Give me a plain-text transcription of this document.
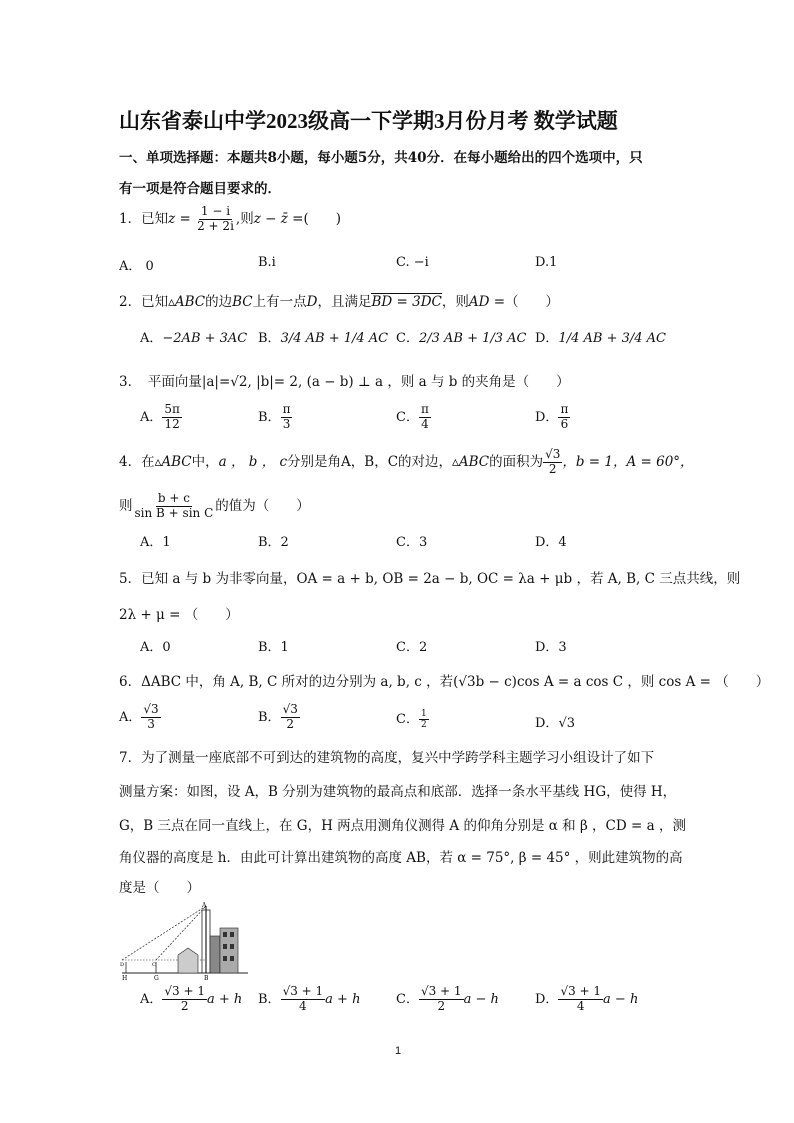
山东省泰山中学2023级高一下学期3月份月考 数学试题
一、单项选择题：本题共8小题，每小题5分，共40分．在每小题给出的四个选项中，只
有一项是符合题目要求的．
1．已知$z = \frac{1 - i}{2 + 2i}$ ,则z − z̄ =(　　)
A． 0	B.i	C. −i	D.1
2．已知▵ABC的边BC上有一点D，且满足BD = 3DC，则AD =（　　）
A．−2AB + 3AC B．3/4 AB + 1/4 AC C．2/3 AB + 1/3 AC D．1/4 AB + 3/4 AC
3．　平面向量|a|=√2, |b|= 2, (a − b) ⊥ a ，则 a 与 b 的夹角是（　　）
A． $\frac{5\pi}{12}$	B． $\frac{\pi}{3}$	C． $\frac{\pi}{4}$	D． $\frac{\pi}{6}$
4．在▵ABC中，a ， b ， c分别是角A，B，C的对边，▵ABC的面积为 $\frac{√3}{2}$ ，b = 1，A = 60°，
则 $\frac{b + c}{\text{sin B + sin C}}$ 的值为（　　）
A．1	B．2	C．3	D．4
5．已知 a 与 b 为非零向量，OA = a + b, OB = 2a − b, OC = λa + μb ，若 A, B, C 三点共线，则
2λ + μ = （　　）
A．0	B．1	C．2	D．3
6．ΔABC 中，角 A, B, C 所对的边分别为 a, b, c ，若(√3b − c)cos A = a cos C ，则 cos A = （　　）
A． $\frac{√3}{3}$	B． $\frac{√3}{2}$	C． $\frac{1}{2}$	D．√3
7．为了测量一座底部不可到达的建筑物的高度，复兴中学跨学科主题学习小组设计了如下
测量方案：如图，设 A，B 分别为建筑物的最高点和底部．选择一条水平基线 HG，使得 H，
G，B 三点在同一直线上，在 G，H 两点用测角仪测得 A 的仰角分别是 α 和 β ，CD = a ，测
角仪器的高度是 h．由此可计算出建筑物的高度 AB，若 α = 75°, β = 45° ，则此建筑物的高
度是（　　）
A
H	G	B
D	C
A． $\frac{√3 + 1}{2}$ a + h B． $\frac{√3 + 1}{4}$ a + h	C． $\frac{√3 + 1}{2}$ a − h	D． $\frac{√3 + 1}{4}$ a − h
1
